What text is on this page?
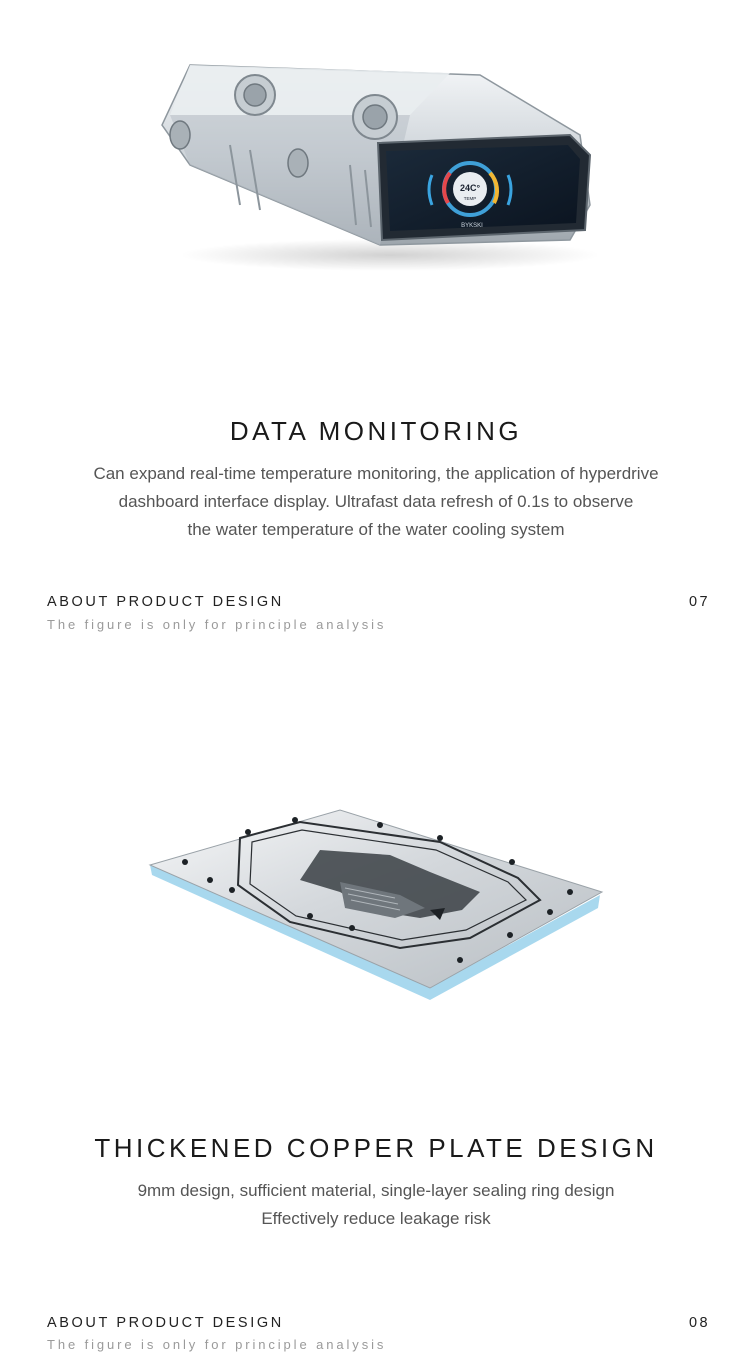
24C°
TEMP
BYKSKI
DATA MONITORING
Can expand real-time temperature monitoring, the application of hyperdrive
dashboard interface display. Ultrafast data refresh of 0.1s to observe
the water temperature of the water cooling system
ABOUT PRODUCT DESIGN
The figure is only for principle analysis
07
THICKENED COPPER PLATE DESIGN
9mm design, sufficient material, single-layer sealing ring design
Effectively reduce leakage risk
ABOUT PRODUCT DESIGN
The figure is only for principle analysis
08
